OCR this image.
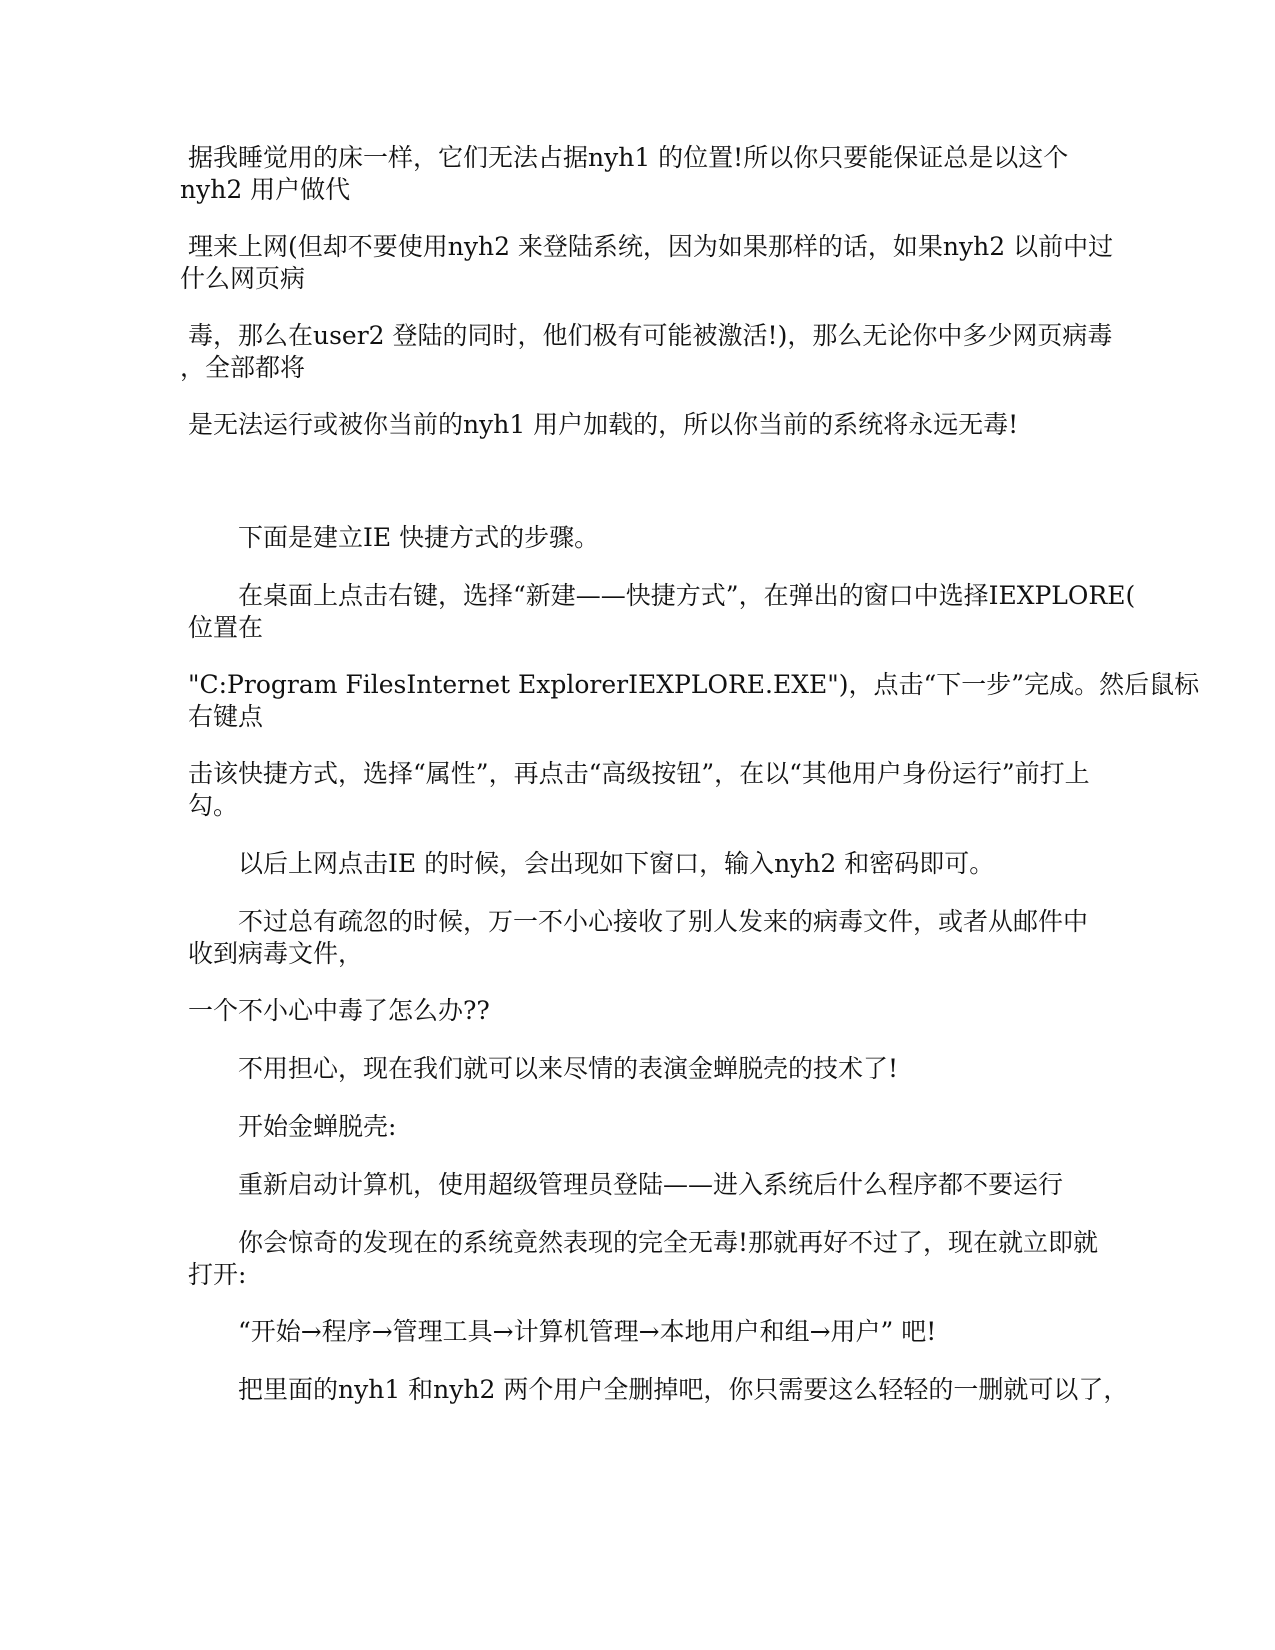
据我睡觉用的床一样，它们无法占据nyh1 的位置!所以你只要能保证总是以这个
nyh2 用户做代

理来上网(但却不要使用nyh2 来登陆系统，因为如果那样的话，如果nyh2 以前中过
什么网页病

毒，那么在user2 登陆的同时，他们极有可能被激活!)，那么无论你中多少网页病毒
，全部都将

是无法运行或被你当前的nyh1 用户加载的，所以你当前的系统将永远无毒!

下面是建立IE 快捷方式的步骤。

在桌面上点击右键，选择“新建——快捷方式”，在弹出的窗口中选择IEXPLORE(
位置在

"C:Program FilesInternet ExplorerIEXPLORE.EXE")，点击“下一步”完成。然后鼠标
右键点

击该快捷方式，选择“属性”，再点击“高级按钮”，在以“其他用户身份运行”前打上
勾。

以后上网点击IE 的时候，会出现如下窗口，输入nyh2 和密码即可。

不过总有疏忽的时候，万一不小心接收了别人发来的病毒文件，或者从邮件中
收到病毒文件，

一个不小心中毒了怎么办??

不用担心，现在我们就可以来尽情的表演金蝉脱壳的技术了!

开始金蝉脱壳:

重新启动计算机，使用超级管理员登陆——进入系统后什么程序都不要运行

你会惊奇的发现在的系统竟然表现的完全无毒!那就再好不过了，现在就立即就
打开:

“开始→程序→管理工具→计算机管理→本地用户和组→用户” 吧!

把里面的nyh1 和nyh2 两个用户全删掉吧，你只需要这么轻轻的一删就可以了，
